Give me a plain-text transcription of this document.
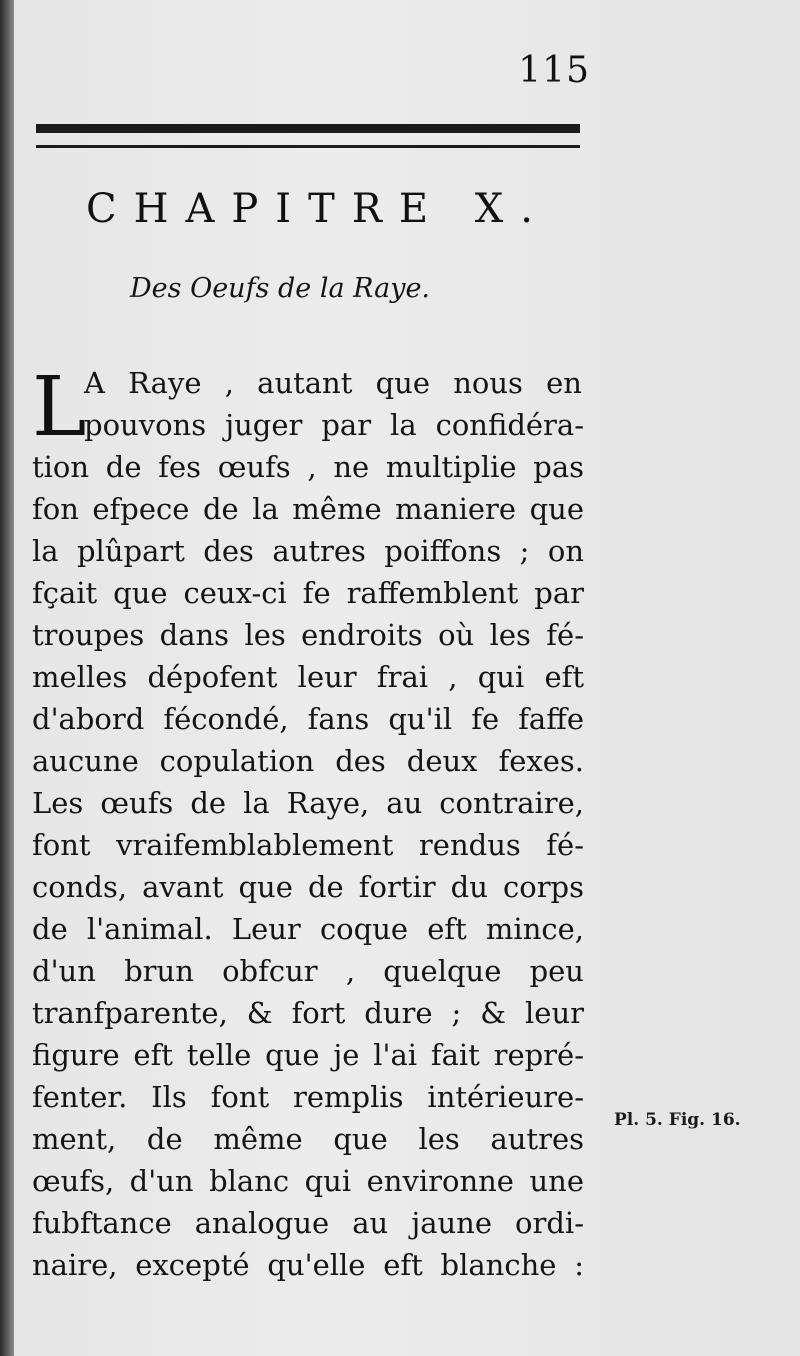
115
CHAPITRE X.
Des Oeufs de la Raye.
L
A Raye , autant que nous en
pouvons juger par la confidéra-
tion de fes œufs , ne multiplie pas
fon efpece de la même maniere que
la plûpart des autres poiffons ; on
fçait que ceux-ci fe raffemblent par
troupes dans les endroits où les fé-
melles dépofent leur frai , qui eft
d'abord fécondé, fans qu'il fe faffe
aucune copulation des deux fexes.
Les œufs de la Raye, au contraire,
font vraifemblablement rendus fé-
conds, avant que de fortir du corps
de l'animal. Leur coque eft mince,
d'un brun obfcur , quelque peu
tranfparente, & fort dure ; & leur
figure eft telle que je l'ai fait repré-
fenter. Ils font remplis intérieure-
ment, de même que les autres
œufs, d'un blanc qui environne une
fubftance analogue au jaune ordi-
naire, excepté qu'elle eft blanche :
Pl. 5. Fig. 16.
